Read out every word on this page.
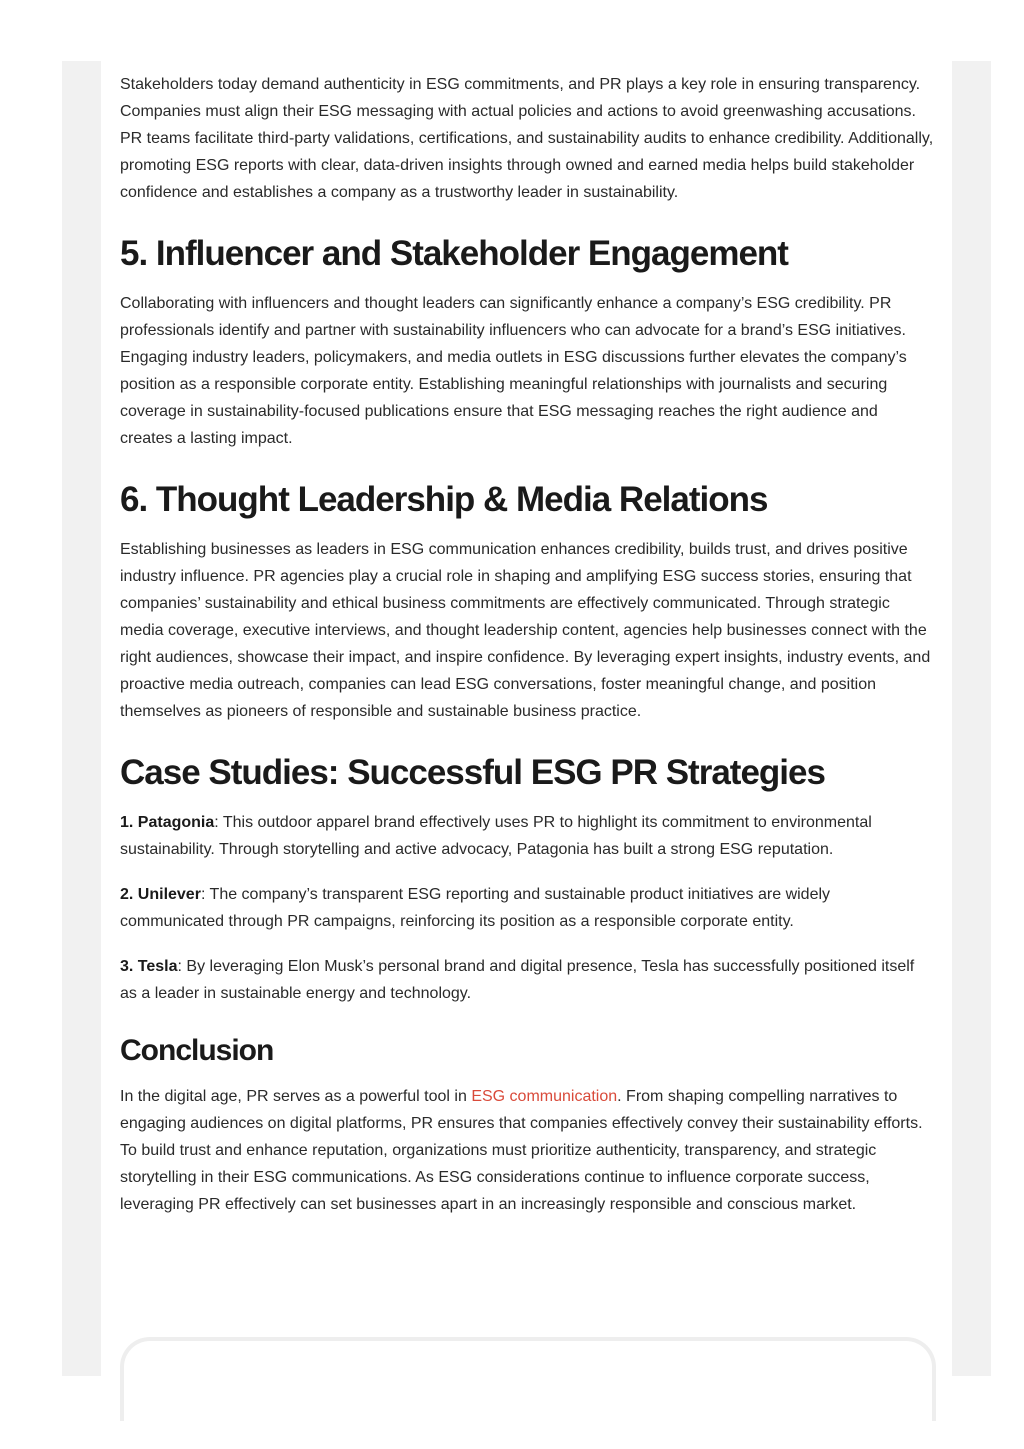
Stakeholders today demand authenticity in ESG commitments, and PR plays a key role in ensuring transparency. Companies must align their ESG messaging with actual policies and actions to avoid greenwashing accusations. PR teams facilitate third-party validations, certifications, and sustainability audits to enhance credibility. Additionally, promoting ESG reports with clear, data-driven insights through owned and earned media helps build stakeholder confidence and establishes a company as a trustworthy leader in sustainability.

5. Influencer and Stakeholder Engagement

Collaborating with influencers and thought leaders can significantly enhance a company’s ESG credibility. PR professionals identify and partner with sustainability influencers who can advocate for a brand’s ESG initiatives. Engaging industry leaders, policymakers, and media outlets in ESG discussions further elevates the company’s position as a responsible corporate entity. Establishing meaningful relationships with journalists and securing coverage in sustainability-focused publications ensure that ESG messaging reaches the right audience and creates a lasting impact.

6. Thought Leadership & Media Relations

Establishing businesses as leaders in ESG communication enhances credibility, builds trust, and drives positive industry influence. PR agencies play a crucial role in shaping and amplifying ESG success stories, ensuring that companies’ sustainability and ethical business commitments are effectively communicated. Through strategic media coverage, executive interviews, and thought leadership content, agencies help businesses connect with the right audiences, showcase their impact, and inspire confidence. By leveraging expert insights, industry events, and proactive media outreach, companies can lead ESG conversations, foster meaningful change, and position themselves as pioneers of responsible and sustainable business practice.

Case Studies: Successful ESG PR Strategies

1. Patagonia: This outdoor apparel brand effectively uses PR to highlight its commitment to environmental sustainability. Through storytelling and active advocacy, Patagonia has built a strong ESG reputation.

2. Unilever: The company’s transparent ESG reporting and sustainable product initiatives are widely communicated through PR campaigns, reinforcing its position as a responsible corporate entity.

3. Tesla: By leveraging Elon Musk’s personal brand and digital presence, Tesla has successfully positioned itself as a leader in sustainable energy and technology.

Conclusion

In the digital age, PR serves as a powerful tool in ESG communication. From shaping compelling narratives to engaging audiences on digital platforms, PR ensures that companies effectively convey their sustainability efforts. To build trust and enhance reputation, organizations must prioritize authenticity, transparency, and strategic storytelling in their ESG communications. As ESG considerations continue to influence corporate success, leveraging PR effectively can set businesses apart in an increasingly responsible and conscious market.
